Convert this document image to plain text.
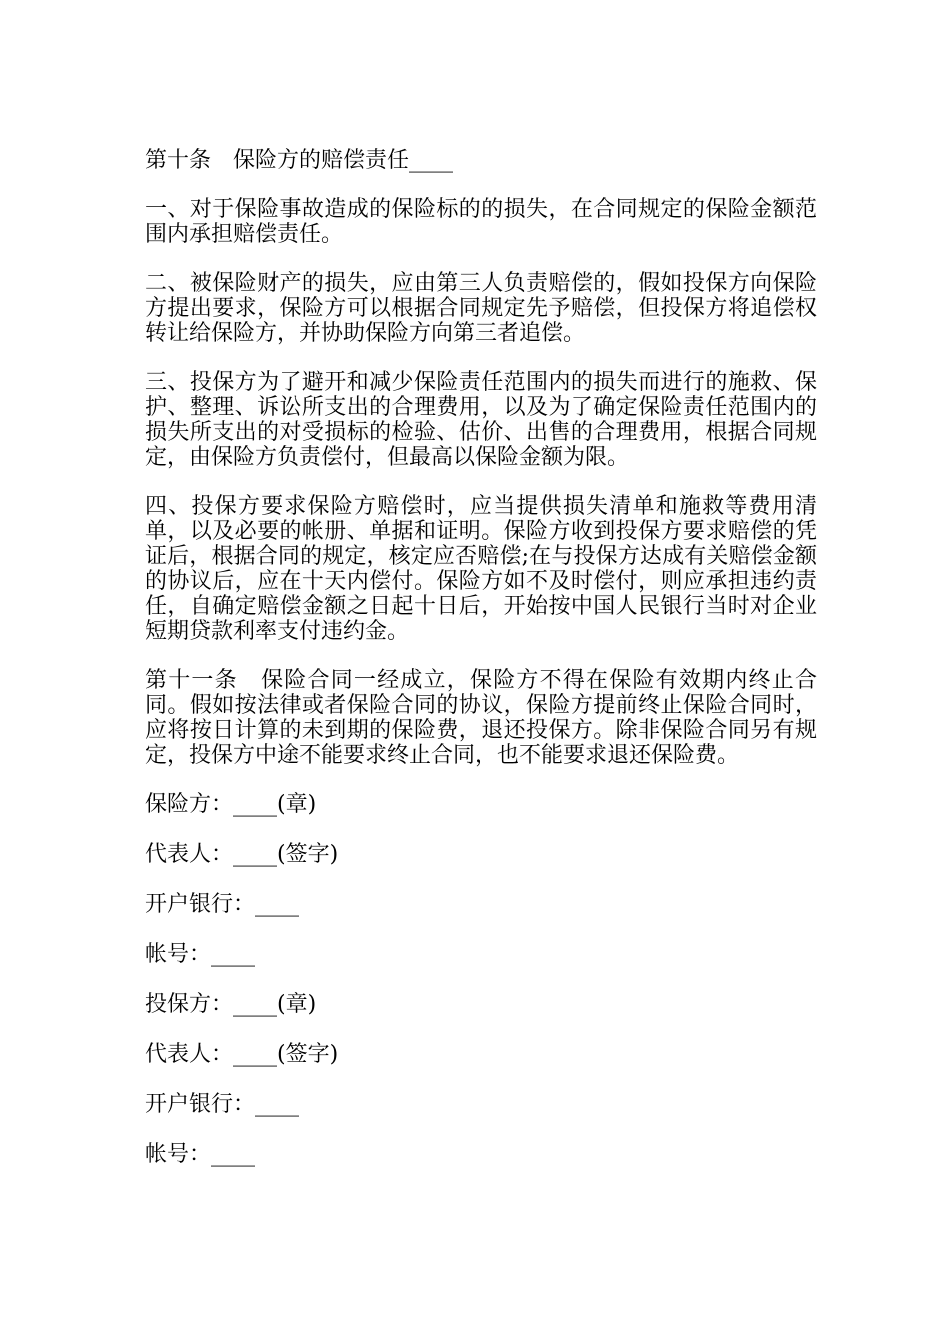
第十条　保险方的赔偿责任____

一、对于保险事故造成的保险标的的损失，在合同规定的保险金额范围内承担赔偿责任。

二、被保险财产的损失，应由第三人负责赔偿的，假如投保方向保险方提出要求，保险方可以根据合同规定先予赔偿，但投保方将追偿权转让给保险方，并协助保险方向第三者追偿。

三、投保方为了避开和减少保险责任范围内的损失而进行的施救、保护、整理、诉讼所支出的合理费用，以及为了确定保险责任范围内的损失所支出的对受损标的检验、估价、出售的合理费用，根据合同规定，由保险方负责偿付，但最高以保险金额为限。

四、投保方要求保险方赔偿时，应当提供损失清单和施救等费用清单，以及必要的帐册、单据和证明。保险方收到投保方要求赔偿的凭证后，根据合同的规定，核定应否赔偿;在与投保方达成有关赔偿金额的协议后，应在十天内偿付。保险方如不及时偿付，则应承担违约责任，自确定赔偿金额之日起十日后，开始按中国人民银行当时对企业短期贷款利率支付违约金。

第十一条　保险合同一经成立，保险方不得在保险有效期内终止合同。假如按法律或者保险合同的协议，保险方提前终止保险合同时，应将按日计算的未到期的保险费，退还投保方。除非保险合同另有规定，投保方中途不能要求终止合同，也不能要求退还保险费。

保险方：____(章)
代表人：____(签字)
开户银行：____
帐号：____
投保方：____(章)
代表人：____(签字)
开户银行：____
帐号：____
